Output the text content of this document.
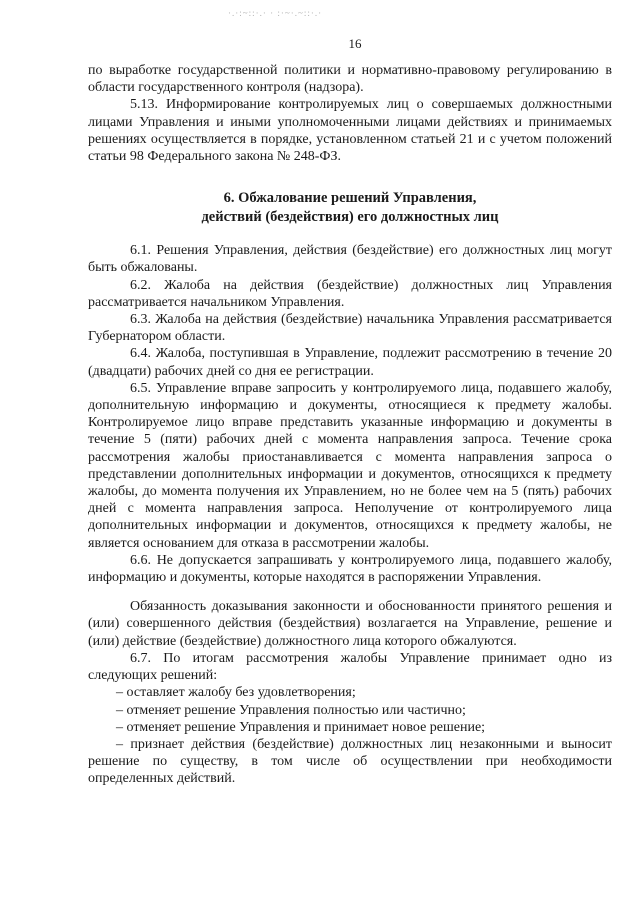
·.·:~::·.· · :·~·.~::·.·
16

по выработке государственной политики и нормативно-правовому регулированию в области государственного контроля (надзора).

5.13. Информирование контролируемых лиц о совершаемых должностными лицами Управления и иными уполномоченными лицами действиях и принимаемых решениях осуществляется в порядке, установленном статьей 21 и с учетом положений статьи 98 Федерального закона № 248-ФЗ.

6. Обжалование решений Управления,
действий (бездействия) его должностных лиц

6.1. Решения Управления, действия (бездействие) его должностных лиц могут быть обжалованы.

6.2. Жалоба на действия (бездействие) должностных лиц Управления рассматривается начальником Управления.

6.3. Жалоба на действия (бездействие) начальника Управления рассматривается Губернатором области.

6.4. Жалоба, поступившая в Управление, подлежит рассмотрению в течение 20 (двадцати) рабочих дней со дня ее регистрации.

6.5. Управление вправе запросить у контролируемого лица, подавшего жалобу, дополнительную информацию и документы, относящиеся к предмету жалобы. Контролируемое лицо вправе представить указанные информацию и документы в течение 5 (пяти) рабочих дней с момента направления запроса. Течение срока рассмотрения жалобы приостанавливается с момента направления запроса о представлении дополнительных информации и документов, относящихся к предмету жалобы, до момента получения их Управлением, но не более чем на 5 (пять) рабочих дней с момента направления запроса. Неполучение от контролируемого лица дополнительных информации и документов, относящихся к предмету жалобы, не является основанием для отказа в рассмотрении жалобы.

6.6. Не допускается запрашивать у контролируемого лица, подавшего жалобу, информацию и документы, которые находятся в распоряжении Управления.

Обязанность доказывания законности и обоснованности принятого решения и (или) совершенного действия (бездействия) возлагается на Управление, решение и (или) действие (бездействие) должностного лица которого обжалуются.

6.7. По итогам рассмотрения жалобы Управление принимает одно из следующих решений:

– оставляет жалобу без удовлетворения;

– отменяет решение Управления полностью или частично;

– отменяет решение Управления и принимает новое решение;

– признает действия (бездействие) должностных лиц незаконными и выносит решение по существу, в том числе об осуществлении при необходимости определенных действий.
